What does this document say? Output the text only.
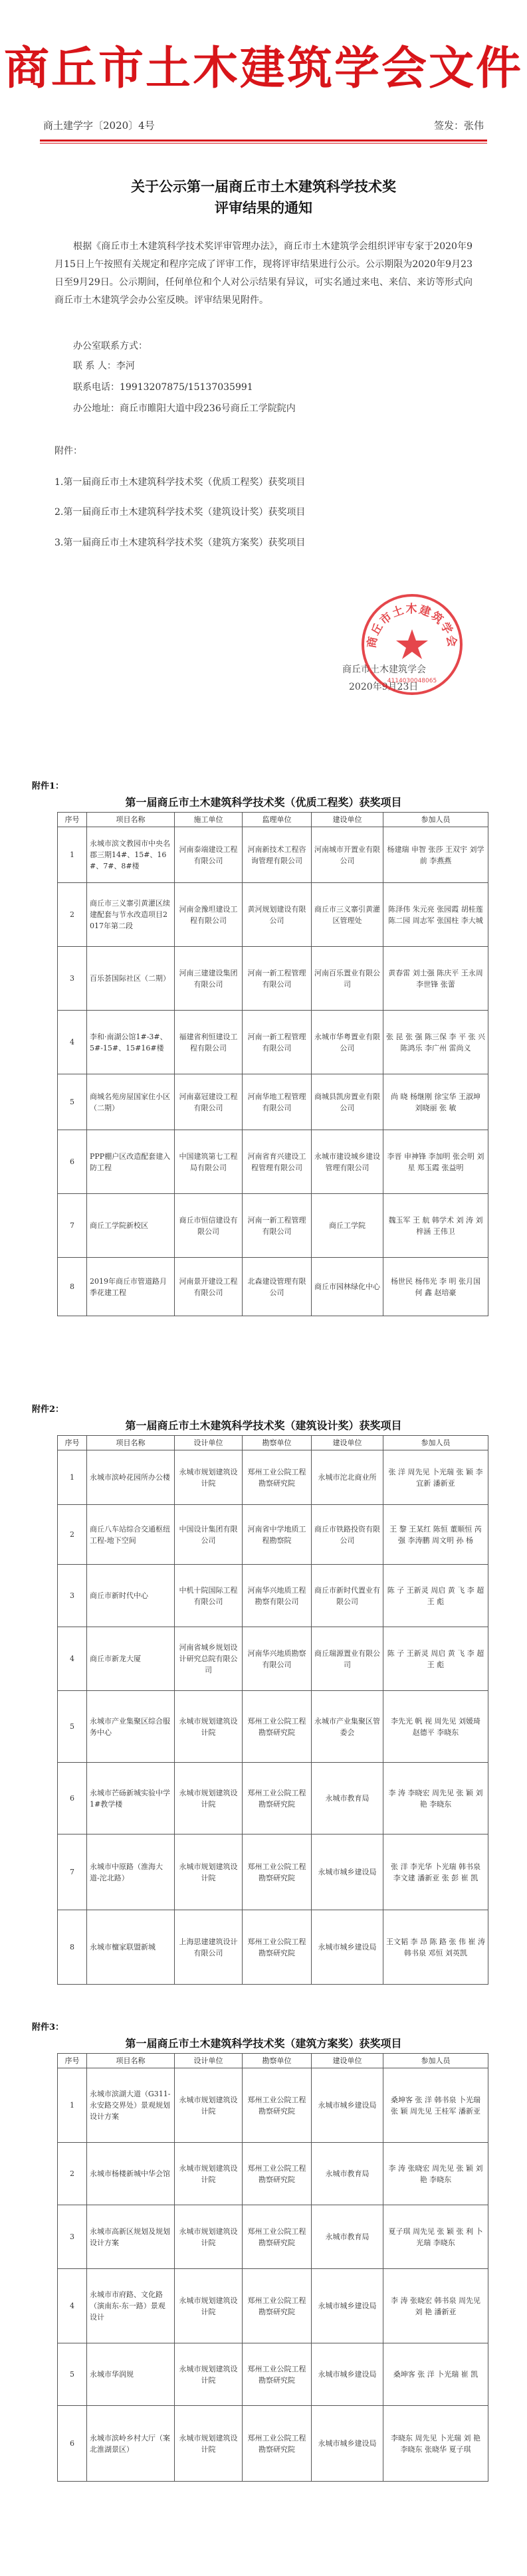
商丘市土木建筑学会文件
商土建学字〔2020〕4号	签发：张伟
关于公示第一届商丘市土木建筑科学技术奖
评审结果的通知
根据《商丘市土木建筑科学技术奖评审管理办法》，商丘市土木建筑学会组织评审专家于2020年9月15日上午按照有关规定和程序完成了评审工作，现将评审结果进行公示。公示期限为2020年9月23日至9月29日。公示期间，任何单位和个人对公示结果有异议，可实名通过来电、来信、来访等形式向商丘市土木建筑学会办公室反映。评审结果见附件。
办公室联系方式：
联 系 人：李河
联系电话：19913207875/15137035991
办公地址：商丘市睢阳大道中段236号商丘工学院院内
附件：
1.第一届商丘市土木建筑科学技术奖（优质工程奖）获奖项目
2.第一届商丘市土木建筑科学技术奖（建筑设计奖）获奖项目
3.第一届商丘市土木建筑科学技术奖（建筑方案奖）获奖项目
商丘市土木建筑学会
2020年9月23日
商丘市土木建筑学会
4114030048065
附件1：
第一届商丘市土木建筑科学技术奖（优质工程奖）获奖项目
序号	项目名称	施工单位	监理单位	建设单位	参加人员
1	永城市滨文教园市中央名郡三期14#、15#、16#、7#、8#楼	河南泰端建设工程有限公司	河南新技术工程咨询管理有限公司	河南城市开置业有限公司	杨建瑞 申智 张莎 王双宇 刘学前 李燕燕
2	商丘市三义寨引黄灌区续建配套与节水改造项目2017年第二段	河南金豫坦建设工程有限公司	黄河规划建设有限公司	商丘市三义寨引黄灌区管理处	陈泽伟 朱元亮 张园霞 胡桂莲 陈二园 周志军 张国柱 李大城
3	百乐荟国际社区（二期）	河南三建建设集团有限公司	河南一新工程管理有限公司	河南百乐置业有限公司	黄春雷 刘士强 陈庆平 王永周 李世锋 张蕾
4	李和·南湖公馆1#-3#、5#-15#、15#16#楼	福建省利恒建设工程有限公司	河南一新工程管理有限公司	永城市华粤置业有限公司	张 昆 张 强 陈三保 李 平 张 兴 陈鸿乐 李广州 雷尚义
5	商城名苑房屋国家住小区（二期）	河南嘉冠建设工程有限公司	河南华地工程管理有限公司	商城县凯房置业有限公司	尚 晓 杨继刚 徐宝华 王淑坤 刘晓丽 张 敏
6	PPP棚户区改造配套建入防工程	中国建筑第七工程局有限公司	河南省育兴建设工程管理有限公司	永城市建设城乡建设管理有限公司	李晋 申神锋 李加明 张会明 刘 星 郑玉霞 张益明
7	商丘工学院新校区	商丘市恒信建设有限公司	河南一新工程管理有限公司	商丘工学院	魏玉军 王 航 韩学术 刘 涛 刘梓涵 王伟卫
8	2019年商丘市管道路月季花建工程	河南景开建设工程有限公司	北森建设管理有限公司	商丘市园林绿化中心	杨世民 杨伟光 李 明 张月国 何 鑫 赵培豪
附件2：
第一届商丘市土木建筑科学技术奖（建筑设计奖）获奖项目
序号	项目名称	设计单位	勘察单位	建设单位	参加人员
1	永城市滨岭花园所办公楼	永城市规划建筑设计院	郑州工业公院工程勘察研究院	永城市沱北商业所	张 洋 周先见 卜光瑞 张 颖 李宜新 潘新亚
2	商丘八车站综合交通枢纽工程-地下空间	中国设计集团有限公司	河南省中学地质工程勘察院	商丘市铁路投资有限公司	王 黎 王某红 陈恒 董顺恒 芮 强 李涛鹏 周文明 孙 杨
3	商丘市新时代中心	中机十院国际工程有限公司	河南华兴地质工程勘察有限公司	商丘市新时代置业有限公司	陈 子 王新灵 周启 黄 飞 李 超 王 彪
4	商丘市新龙大厦	河南省城乡规划设计研究总院有限公司	河南华兴地质勘察有限公司	商丘瑞源置业有限公司	陈 子 王新灵 周启 黄 飞 李 超 王 彪
5	永城市产业集聚区综合服务中心	永城市规划建筑设计院	郑州工业公院工程勘察研究院	永城市产业集聚区管委会	李先光 帆 视 周先见 刘媛琦 赵德平 李晓东
6	永城市芒砀新城实验中学1#教学楼	永城市规划建筑设计院	郑州工业公院工程勘察研究院	永城市教育局	李 涛 李晓宏 周先见 张 颖 刘 艳 李晓东
7	永城市中原路（淮海大道-沱北路）	永城市规划建筑设计院	郑州工业公院工程勘察研究院	永城市城乡建设局	张 洋 李光华 卜光瑞 韩书泉 李文建 潘新亚 张 彭 崔 凯
8	永城市檀家联盟新城	上海思建建筑设计有限公司	郑州工业公院工程勘察研究院	永城市城乡建设局	王文韬 李 昂 陈 路 张 伟 崔 涛 韩书泉 邓恒 刘英凯
附件3：
第一届商丘市土木建筑科学技术奖（建筑方案奖）获奖项目
序号	项目名称	设计单位	勘察单位	建设单位	参加人员
1	永城市滨湖大道（G311-永安路交界处）景观规划设计方案	永城市规划建筑设计院	郑州工业公院工程勘察研究院	永城市城乡建设局	桑坤客 张 洋 韩书泉 卜光瑞 张 颖 周先见 王桂军 潘新亚
2	永城市杨楼新城中华会馆	永城市规划建筑设计院	郑州工业公院工程勘察研究院	永城市教育局	李 涛 张晓宏 周先见 张 颖 刘 艳 李晓东
3	永城市高新区规划及规划设计方案	永城市规划建筑设计院	郑州工业公院工程勘察研究院	永城市教育局	夏子琪 周先见 张 颖 张 利 卜光瑞 李晓东
4	永城市市府路、文化路（演南东-东一路）景观设计	永城市规划建筑设计院	郑州工业公院工程勘察研究院	永城市城乡建设局	李 涛 张晓宏 韩书泉 周先见 刘 艳 潘新亚
5	永城市华润规	永城市规划建筑设计院	郑州工业公院工程勘察研究院	永城市城乡建设局	桑坤客 张 洋 卜光瑞 崔 凯
6	永城市滨岭乡村大厅（案北淮湖景区）	永城市规划建筑设计院	郑州工业公院工程勘察研究院	永城市城乡建设局	李晓东 周先见 卜光瑞 刘 艳 李晓东 张晓华 夏子琪
